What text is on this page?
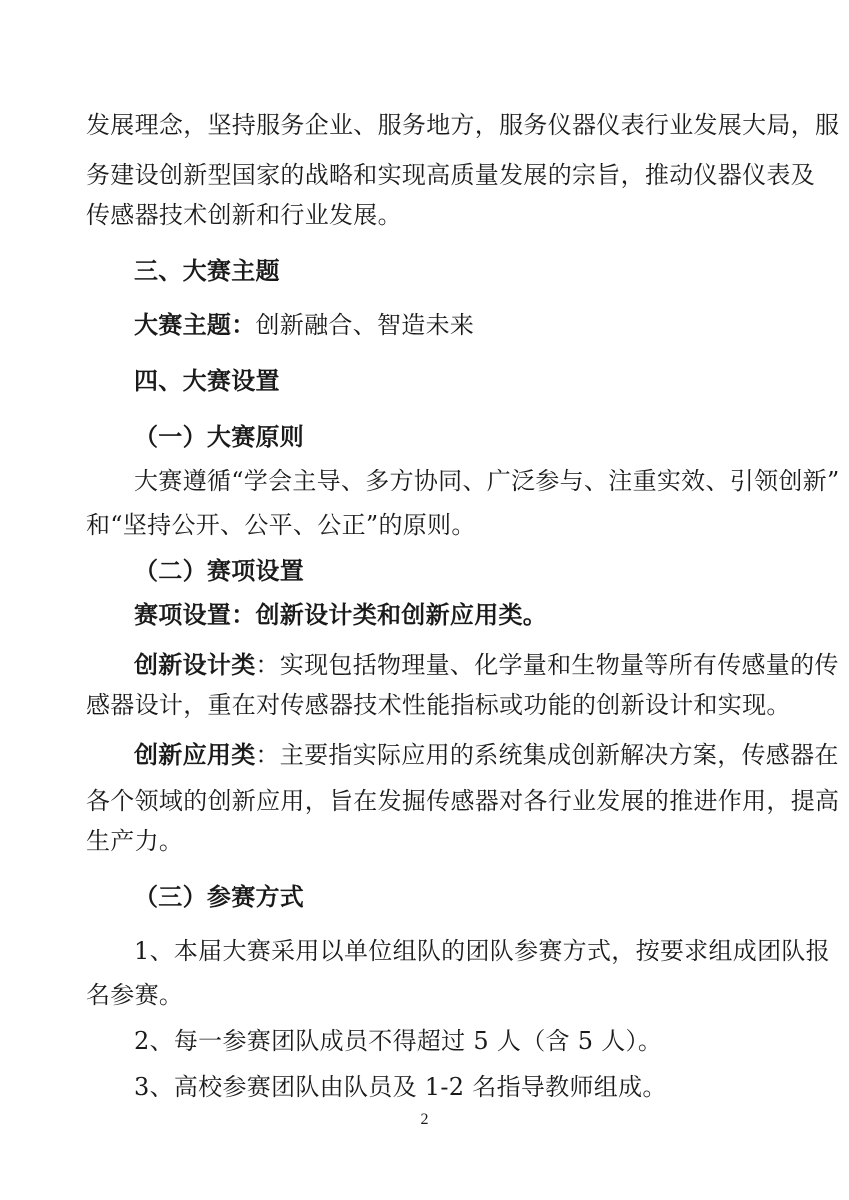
发展理念，坚持服务企业、服务地方，服务仪器仪表行业发展大局，服
务建设创新型国家的战略和实现高质量发展的宗旨，推动仪器仪表及
传感器技术创新和行业发展。
三、大赛主题
大赛主题：创新融合、智造未来
四、大赛设置
（一）大赛原则
大赛遵循“学会主导、多方协同、广泛参与、注重实效、引领创新”
和“坚持公开、公平、公正”的原则。
（二）赛项设置
赛项设置：创新设计类和创新应用类。
创新设计类：实现包括物理量、化学量和生物量等所有传感量的传
感器设计，重在对传感器技术性能指标或功能的创新设计和实现。
创新应用类：主要指实际应用的系统集成创新解决方案，传感器在
各个领域的创新应用，旨在发掘传感器对各行业发展的推进作用，提高
生产力。
（三）参赛方式
1、本届大赛采用以单位组队的团队参赛方式，按要求组成团队报
名参赛。
2、每一参赛团队成员不得超过 5 人（含 5 人）。
3、高校参赛团队由队员及 1-2 名指导教师组成。
2
